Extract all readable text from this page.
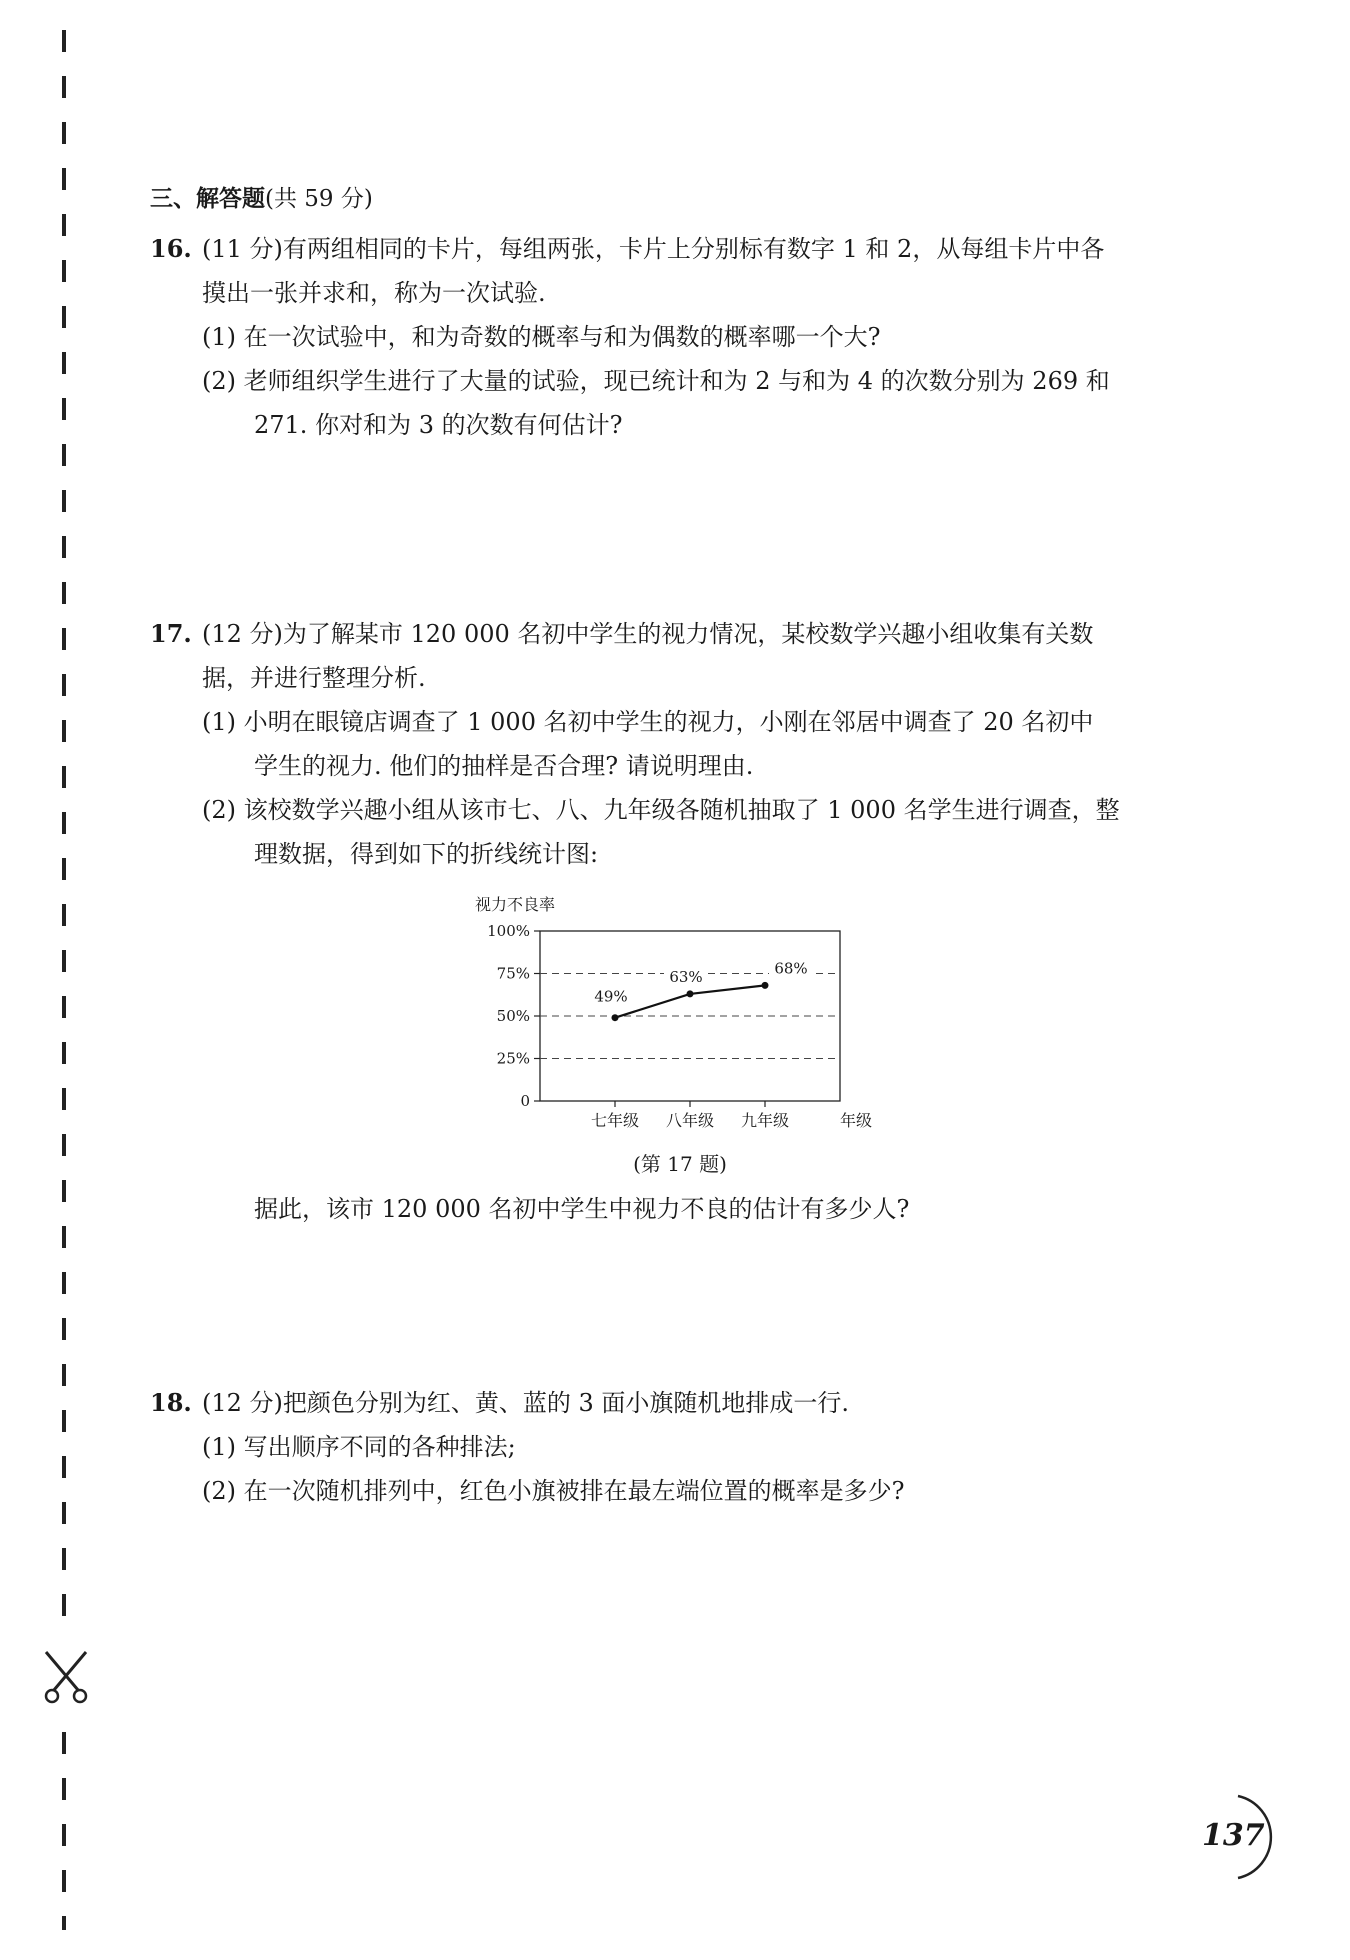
三、解答题(共 59 分)
16. (11 分)有两组相同的卡片，每组两张，卡片上分别标有数字 1 和 2，从每组卡片中各
摸出一张并求和，称为一次试验.
(1) 在一次试验中，和为奇数的概率与和为偶数的概率哪一个大?
(2) 老师组织学生进行了大量的试验，现已统计和为 2 与和为 4 的次数分别为 269 和
271. 你对和为 3 的次数有何估计?
17. (12 分)为了解某市 120 000 名初中学生的视力情况，某校数学兴趣小组收集有关数
据，并进行整理分析.
(1) 小明在眼镜店调查了 1 000 名初中学生的视力，小刚在邻居中调查了 20 名初中
学生的视力. 他们的抽样是否合理? 请说明理由.
(2) 该校数学兴趣小组从该市七、八、九年级各随机抽取了 1 000 名学生进行调查，整
理数据，得到如下的折线统计图:
视力不良率
0
25%
50%
75%
100%
七年级 八年级 九年级
49%
63%	68%
年级
(第 17 题)
据此，该市 120 000 名初中学生中视力不良的估计有多少人?
18. (12 分)把颜色分别为红、黄、蓝的 3 面小旗随机地排成一行.
(1) 写出顺序不同的各种排法;
(2) 在一次随机排列中，红色小旗被排在最左端位置的概率是多少?
137
